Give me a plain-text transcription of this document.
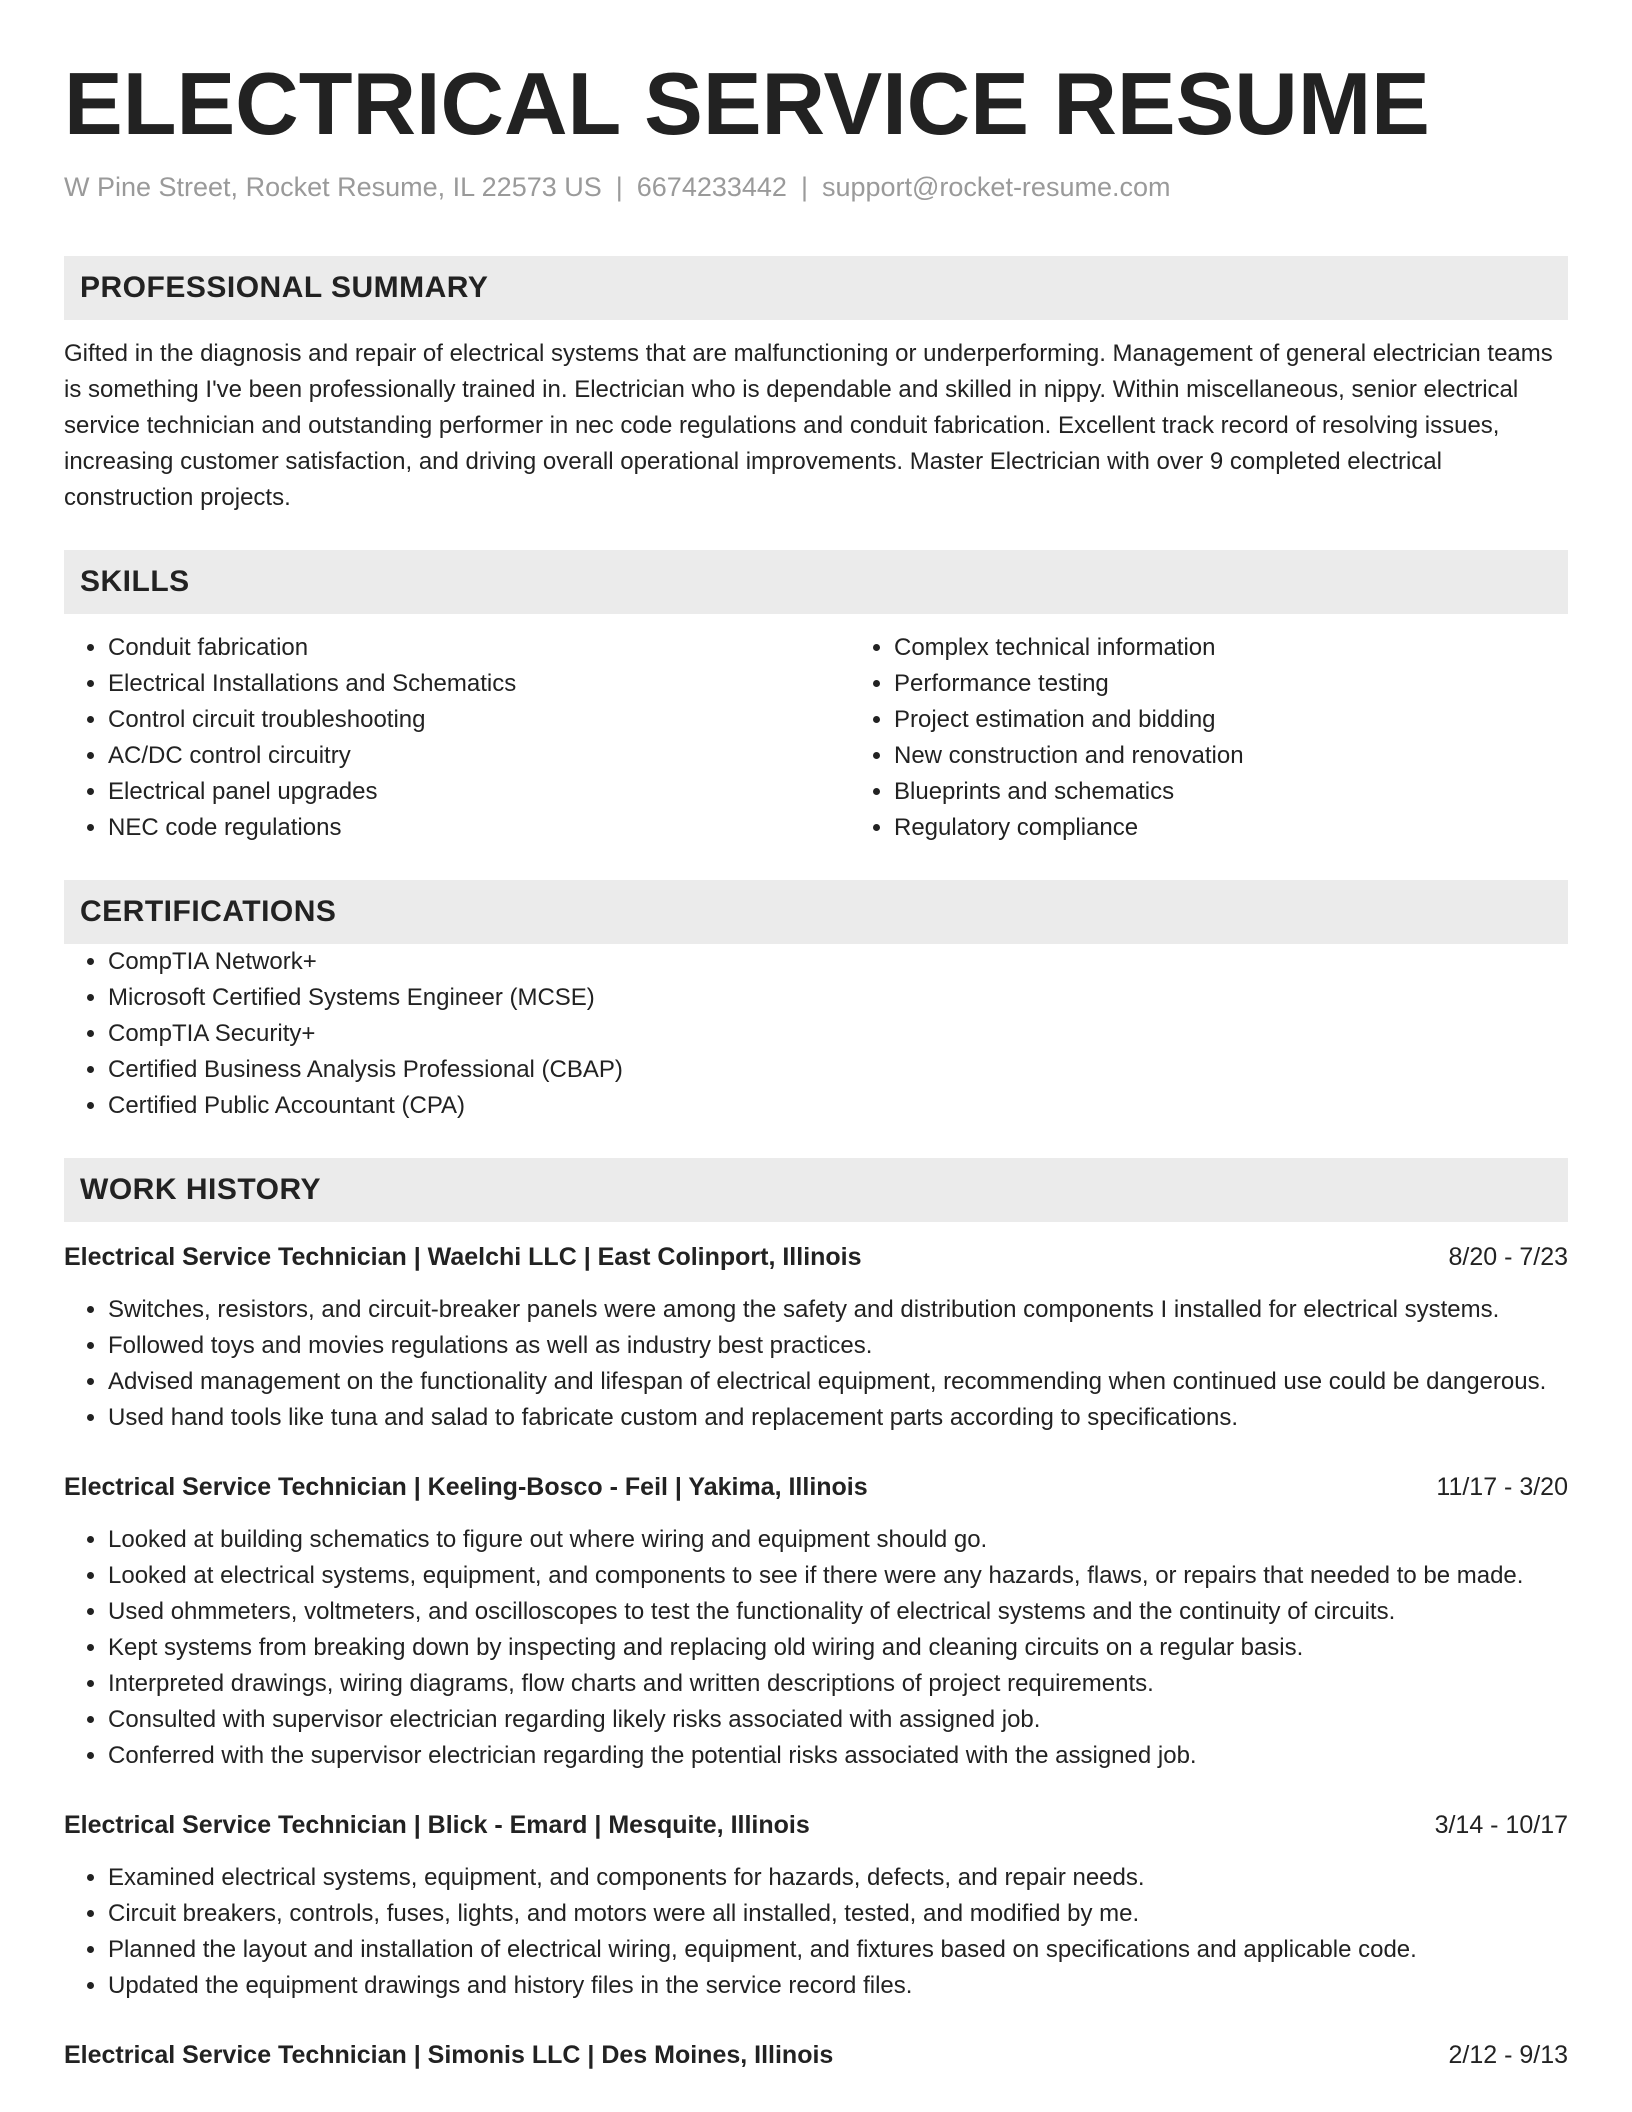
ELECTRICAL SERVICE RESUME
W Pine Street, Rocket Resume, IL 22573 US | 6674233442 | support@rocket-resume.com
PROFESSIONAL SUMMARY
Gifted in the diagnosis and repair of electrical systems that are malfunctioning or underperforming. Management of general electrician teams is something I've been professionally trained in. Electrician who is dependable and skilled in nippy. Within miscellaneous, senior electrical service technician and outstanding performer in nec code regulations and conduit fabrication. Excellent track record of resolving issues, increasing customer satisfaction, and driving overall operational improvements. Master Electrician with over 9 completed electrical construction projects.
SKILLS
• Conduit fabrication
• Electrical Installations and Schematics
• Control circuit troubleshooting
• AC/DC control circuitry
• Electrical panel upgrades
• NEC code regulations
• Complex technical information
• Performance testing
• Project estimation and bidding
• New construction and renovation
• Blueprints and schematics
• Regulatory compliance
CERTIFICATIONS
• CompTIA Network+
• Microsoft Certified Systems Engineer (MCSE)
• CompTIA Security+
• Certified Business Analysis Professional (CBAP)
• Certified Public Accountant (CPA)
WORK HISTORY
Electrical Service Technician | Waelchi LLC | East Colinport, Illinois	8/20 - 7/23
• Switches, resistors, and circuit-breaker panels were among the safety and distribution components I installed for electrical systems.
• Followed toys and movies regulations as well as industry best practices.
• Advised management on the functionality and lifespan of electrical equipment, recommending when continued use could be dangerous.
• Used hand tools like tuna and salad to fabricate custom and replacement parts according to specifications.
Electrical Service Technician | Keeling-Bosco - Feil | Yakima, Illinois	11/17 - 3/20
• Looked at building schematics to figure out where wiring and equipment should go.
• Looked at electrical systems, equipment, and components to see if there were any hazards, flaws, or repairs that needed to be made.
• Used ohmmeters, voltmeters, and oscilloscopes to test the functionality of electrical systems and the continuity of circuits.
• Kept systems from breaking down by inspecting and replacing old wiring and cleaning circuits on a regular basis.
• Interpreted drawings, wiring diagrams, flow charts and written descriptions of project requirements.
• Consulted with supervisor electrician regarding likely risks associated with assigned job.
• Conferred with the supervisor electrician regarding the potential risks associated with the assigned job.
Electrical Service Technician | Blick - Emard | Mesquite, Illinois	3/14 - 10/17
• Examined electrical systems, equipment, and components for hazards, defects, and repair needs.
• Circuit breakers, controls, fuses, lights, and motors were all installed, tested, and modified by me.
• Planned the layout and installation of electrical wiring, equipment, and fixtures based on specifications and applicable code.
• Updated the equipment drawings and history files in the service record files.
Electrical Service Technician | Simonis LLC | Des Moines, Illinois	2/12 - 9/13
